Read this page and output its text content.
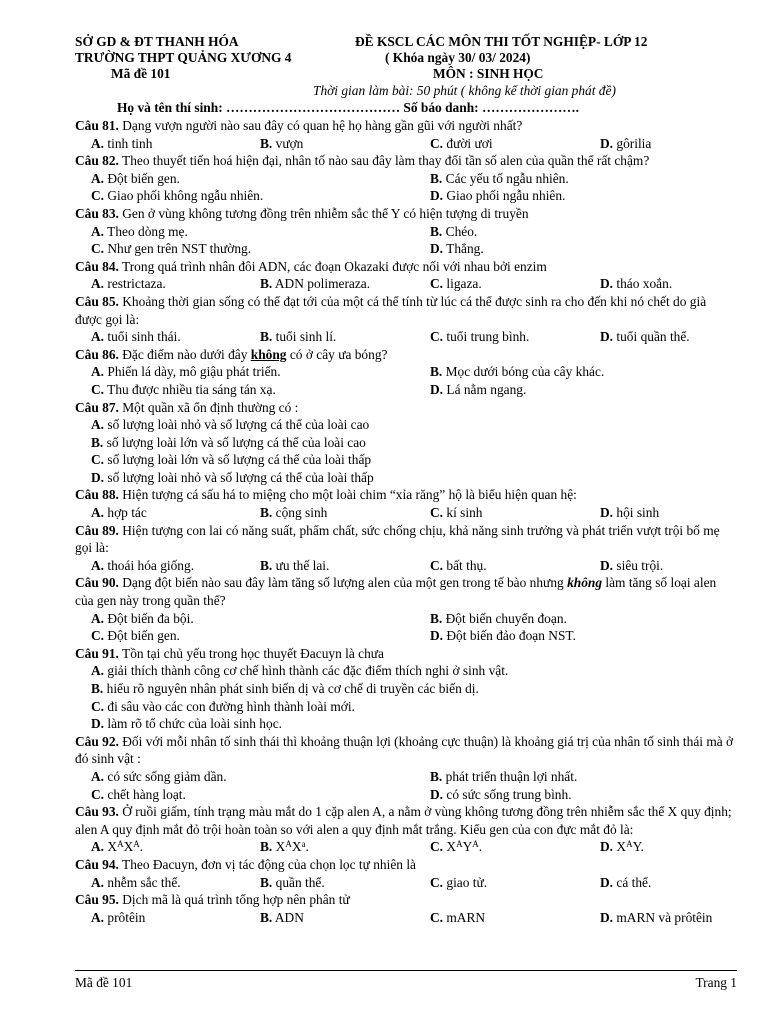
SỞ GD & ĐT THANH HÓA	ĐỀ KSCL CÁC MÔN THI TỐT NGHIỆP- LỚP 12
TRƯỜNG THPT QUẢNG XƯƠNG 4	( Khóa ngày 30/ 03/ 2024)
Mã đề 101	MÔN : SINH HỌC
Thời gian làm bài: 50 phút ( không kể thời gian phát đề)
Họ và tên thí sinh: ………………………………… Số báo danh: ………………….
Câu 81. Dạng vượn người nào sau đây có quan hệ họ hàng gần gũi với người nhất?
A. tinh tinh	B. vượn	C. đười ươi	D. gôrilia
Câu 82. Theo thuyết tiến hoá hiện đại, nhân tố nào sau đây làm thay đổi tần số alen của quần thể rất chậm?
A. Đột biến gen.	B. Các yếu tố ngẫu nhiên.
C. Giao phối không ngẫu nhiên.	D. Giao phối ngẫu nhiên.
Câu 83. Gen ở vùng không tương đồng trên nhiễm sắc thể Y có hiện tượng di truyền
A. Theo dòng mẹ.	B. Chéo.
C. Như gen trên NST thường.	D. Thẳng.
Câu 84. Trong quá trình nhân đôi ADN, các đoạn Okazaki được nối với nhau bởi enzim
A. restrictaza.	B. ADN polimeraza.	C. ligaza.	D. tháo xoắn.
Câu 85. Khoảng thời gian sống có thể đạt tới của một cá thể tính từ lúc cá thể được sinh ra cho đến khi nó chết do già được gọi là:
A. tuổi sinh thái.	B. tuổi sinh lí.	C. tuổi trung bình.	D. tuổi quần thể.
Câu 86. Đặc điểm nào dưới đây không có ở cây ưa bóng?
A. Phiến lá dày, mô giậu phát triển.	B. Mọc dưới bóng của cây khác.
C. Thu được nhiều tia sáng tán xạ.	D. Lá nằm ngang.
Câu 87. Một quần xã ổn định thường có :
A. số lượng loài nhỏ và số lượng cá thể của loài cao
B. số lượng loài lớn và số lượng cá thể của loài cao
C. số lượng loài lớn và số lượng cá thể của loài thấp
D. số lượng loài nhỏ và số lượng cá thể của loài thấp
Câu 88. Hiện tượng cá sấu há to miệng cho một loài chim “xỉa răng” hộ là biểu hiện quan hệ:
A. hợp tác	B. cộng sinh	C. kí sinh	D. hội sinh
Câu 89. Hiện tượng con lai có năng suất, phẩm chất, sức chống chịu, khả năng sinh trưởng và phát triển vượt trội bố mẹ gọi là:
A. thoái hóa giống.	B. ưu thế lai.	C. bất thụ.	D. siêu trội.
Câu 90. Dạng đột biến nào sau đây làm tăng số lượng alen của một gen trong tế bào nhưng không làm tăng số loại alen của gen này trong quần thể?
A. Đột biến đa bội.	B. Đột biến chuyển đoạn.
C. Đột biến gen.	D. Đột biến đảo đoạn NST.
Câu 91. Tồn tại chủ yếu trong học thuyết Đacuyn là chưa
A. giải thích thành công cơ chế hình thành các đặc điểm thích nghi ở sinh vật.
B. hiểu rõ nguyên nhân phát sinh biến dị và cơ chế di truyền các biến dị.
C. đi sâu vào các con đường hình thành loài mới.
D. làm rõ tổ chức của loài sinh học.
Câu 92. Đối với mỗi nhân tố sinh thái thì khoảng thuận lợi (khoảng cực thuận) là khoảng giá trị của nhân tố sinh thái mà ở đó sinh vật :
A. có sức sống giảm dần.	B. phát triển thuận lợi nhất.
C. chết hàng loạt.	D. có sức sống trung bình.
Câu 93. Ở ruồi giấm, tính trạng màu mắt do 1 cặp alen A, a nằm ở vùng không tương đồng trên nhiễm sắc thể X quy định; alen A quy định mắt đỏ trội hoàn toàn so với alen a quy định mắt trắng. Kiểu gen của con đực mắt đỏ là:
A. $X^AX^A$.	B. $X^AX^a$.	C. $X^AY^A$.	D. $X^AY$.
Câu 94. Theo Đacuyn, đơn vị tác động của chọn lọc tự nhiên là
A. nhễm sắc thể.	B. quần thể.	C. giao tử.	D. cá thể.
Câu 95. Dịch mã là quá trình tổng hợp nên phân tử
A. prôtêin	B. ADN	C. mARN	D. mARN và prôtêin
Mã đề 101	Trang 1
